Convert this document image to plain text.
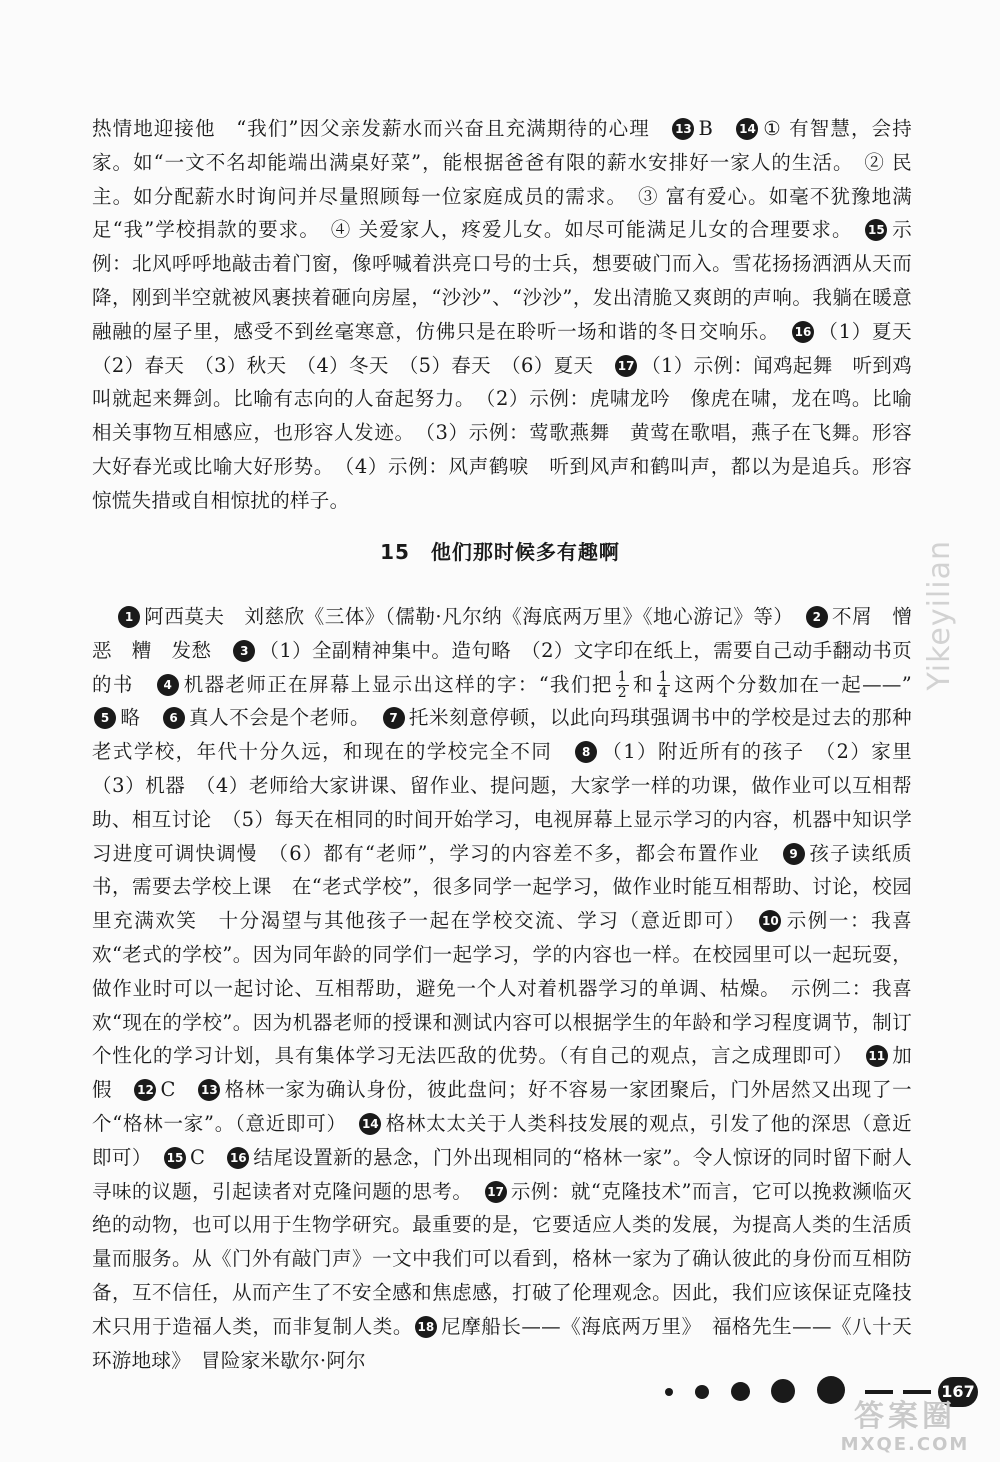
热情地迎接他　“我们”因父亲发薪水而兴奋且充满期待的心理　13 B　14 ① 有智慧，会持家。如“一文不名却能端出满桌好菜”，能根据爸爸有限的薪水安排好一家人的生活。　② 民主。如分配薪水时询问并尽量照顾每一位家庭成员的需求。　③ 富有爱心。如毫不犹豫地满足“我”学校捐款的要求。　④ 关爱家人，疼爱儿女。如尽可能满足儿女的合理要求。　15 示例：北风呼呼地敲击着门窗，像呼喊着洪亮口号的士兵，想要破门而入。雪花扬扬洒洒从天而降，刚到半空就被风裹挟着砸向房屋，“沙沙”、“沙沙”，发出清脆又爽朗的声响。我躺在暖意融融的屋子里，感受不到丝毫寒意，仿佛只是在聆听一场和谐的冬日交响乐。　16 （1）夏天　（2）春天　（3）秋天　（4）冬天　（5）春天　（6）夏天　17 （1）示例：闻鸡起舞　听到鸡叫就起来舞剑。比喻有志向的人奋起努力。　（2）示例：虎啸龙吟　像虎在啸，龙在鸣。比喻相关事物互相感应，也形容人发迹。　（3）示例：莺歌燕舞　黄莺在歌唱，燕子在飞舞。形容大好春光或比喻大好形势。　（4）示例：风声鹤唳　听到风声和鹤叫声，都以为是追兵。形容惊慌失措或自相惊扰的样子。
15　他们那时候多有趣啊	Yikeyilian
1 阿西莫夫　刘慈欣《三体》（儒勒·凡尔纳《海底两万里》《地心游记》等）　2 不屑　憎恶　糟　发愁　3 （1）全副精神集中。造句略　（2）文字印在纸上，需要自己动手翻动书页的书　4 机器老师正在屏幕上显示出这样的字：“我们把 $\frac{1}{2}$ 和 $\frac{1}{4}$ 这两个分数加在一起——”　5 略　6 真人不会是个老师。　7 托米刻意停顿，以此向玛琪强调书中的学校是过去的那种老式学校，年代十分久远，和现在的学校完全不同　8 （1）附近所有的孩子　（2）家里　（3）机器　（4）老师给大家讲课、留作业、提问题，大家学一样的功课，做作业可以互相帮助、相互讨论　（5）每天在相同的时间开始学习，电视屏幕上显示学习的内容，机器中知识学习进度可调快调慢　（6）都有“老师”，学习的内容差不多，都会布置作业　9 孩子读纸质书，需要去学校上课　在“老式学校”，很多同学一起学习，做作业时能互相帮助、讨论，校园里充满欢笑　十分渴望与其他孩子一起在学校交流、学习（意近即可）　10 示例一：我喜欢“老式的学校”。因为同年龄的同学们一起学习，学的内容也一样。在校园里可以一起玩耍，做作业时可以一起讨论、互相帮助，避免一个人对着机器学习的单调、枯燥。　示例二：我喜欢“现在的学校”。因为机器老师的授课和测试内容可以根据学生的年龄和学习程度调节，制订个性化的学习计划，具有集体学习无法匹敌的优势。（有自己的观点，言之成理即可）　11 加　假　12 C　13 格林一家为确认身份，彼此盘问；好不容易一家团聚后，门外居然又出现了一个“格林一家”。（意近即可）　14 格林太太关于人类科技发展的观点，引发了他的深思（意近即可）　15 C　16 结尾设置新的悬念，门外出现相同的“格林一家”。令人惊讶的同时留下耐人寻味的议题，引起读者对克隆问题的思考。　17 示例：就“克隆技术”而言，它可以挽救濒临灭绝的动物，也可以用于生物学研究。最重要的是，它要适应人类的发展，为提高人类的生活质量而服务。从《门外有敲门声》一文中我们可以看到，格林一家为了确认彼此的身份而互相防备，互不信任，从而产生了不安全感和焦虑感，打破了伦理观念。因此，我们应该保证克隆技术只用于造福人类，而非复制人类。 18 尼摩船长——《海底两万里》　福格先生——《八十天环游地球》　冒险家米歇尔·阿尔
167
答案圈
MXQE.COM
